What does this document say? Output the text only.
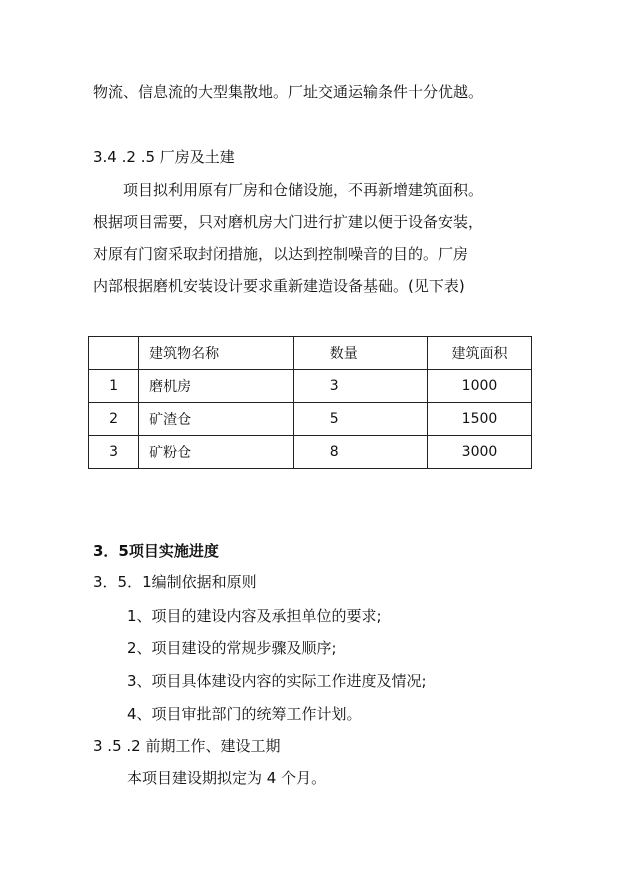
物流、信息流的大型集散地。厂址交通运输条件十分优越。
3.4 .2 .5 厂房及土建
项目拟利用原有厂房和仓储设施，不再新增建筑面积。
根据项目需要，只对磨机房大门进行扩建以便于设备安装，
对原有门窗采取封闭措施，以达到控制噪音的目的。厂房
内部根据磨机安装设计要求重新建造设备基础。(见下表)
	建筑物名称	数量	建筑面积
1	磨机房	3	1000
2	矿渣仓	5	1500
3	矿粉仓	8	3000
3．5项目实施进度
3．5．1编制依据和原则
1、项目的建设内容及承担单位的要求;
2、项目建设的常规步骤及顺序;
3、项目具体建设内容的实际工作进度及情况;
4、项目审批部门的统筹工作计划。
3 .5 .2 前期工作、建设工期
本项目建设期拟定为 4 个月。
